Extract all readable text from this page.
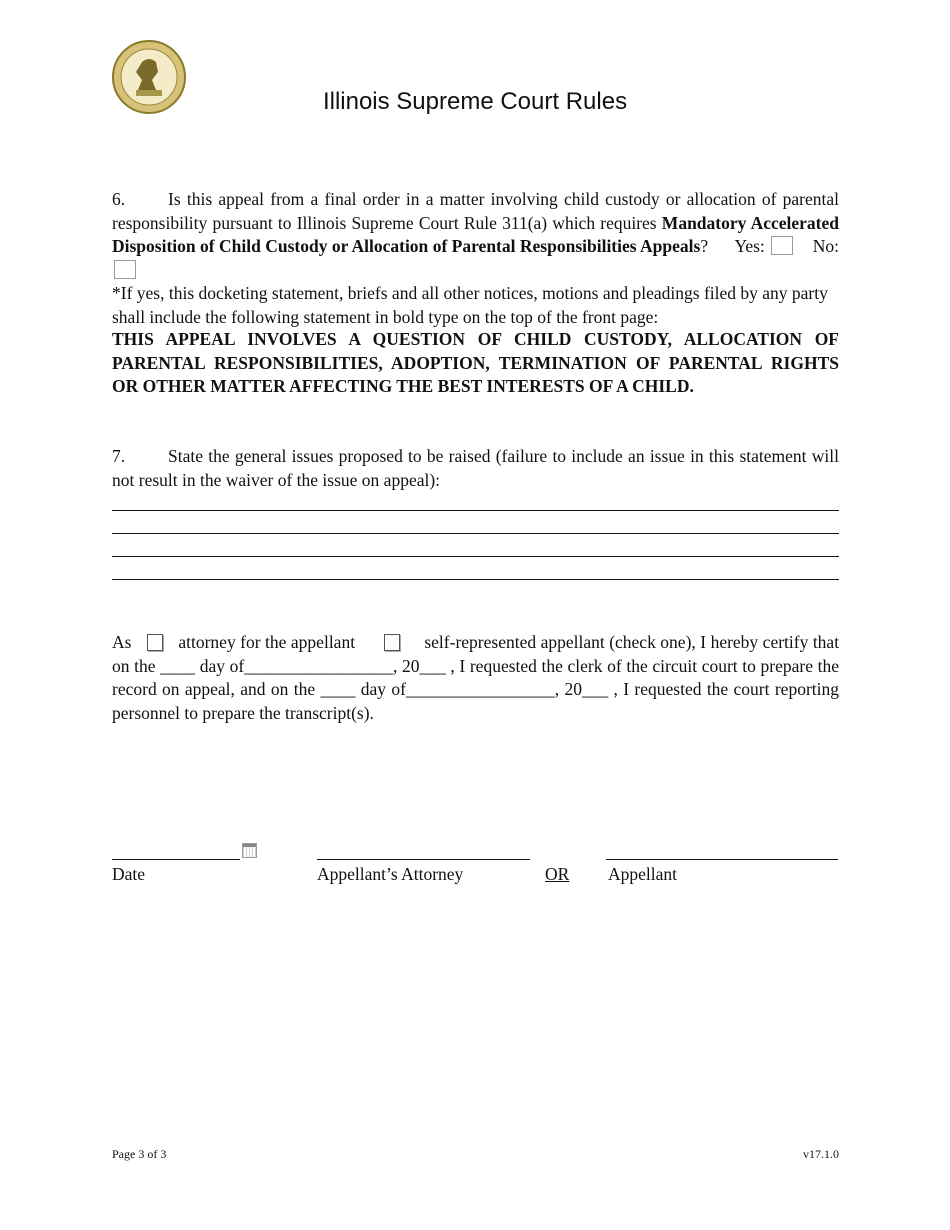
Illinois Supreme Court Rules
6. Is this appeal from a final order in a matter involving child custody or allocation of parental responsibility pursuant to Illinois Supreme Court Rule 311(a) which requires Mandatory Accelerated Disposition of Child Custody or Allocation of Parental Responsibilities Appeals? Yes:	No:
*If yes, this docketing statement, briefs and all other notices, motions and pleadings filed by any party shall include the following statement in bold type on the top of the front page:
THIS APPEAL INVOLVES A QUESTION OF CHILD CUSTODY, ALLOCATION OF PARENTAL RESPONSIBILITIES, ADOPTION, TERMINATION OF PARENTAL RIGHTS OR OTHER MATTER AFFECTING THE BEST INTERESTS OF A CHILD.
7. State the general issues proposed to be raised (failure to include an issue in this statement will not result in the waiver of the issue on appeal):
As	attorney for the appellant	self-represented appellant (check one), I hereby certify that on the ____ day of_________________, 20___ , I requested the clerk of the circuit court to prepare the record on appeal, and on the ____ day of_________________, 20___ , I requested the court reporting personnel to prepare the transcript(s).
Date	Appellant’s Attorney	OR Appellant
Page 3 of 3	v17.1.0
